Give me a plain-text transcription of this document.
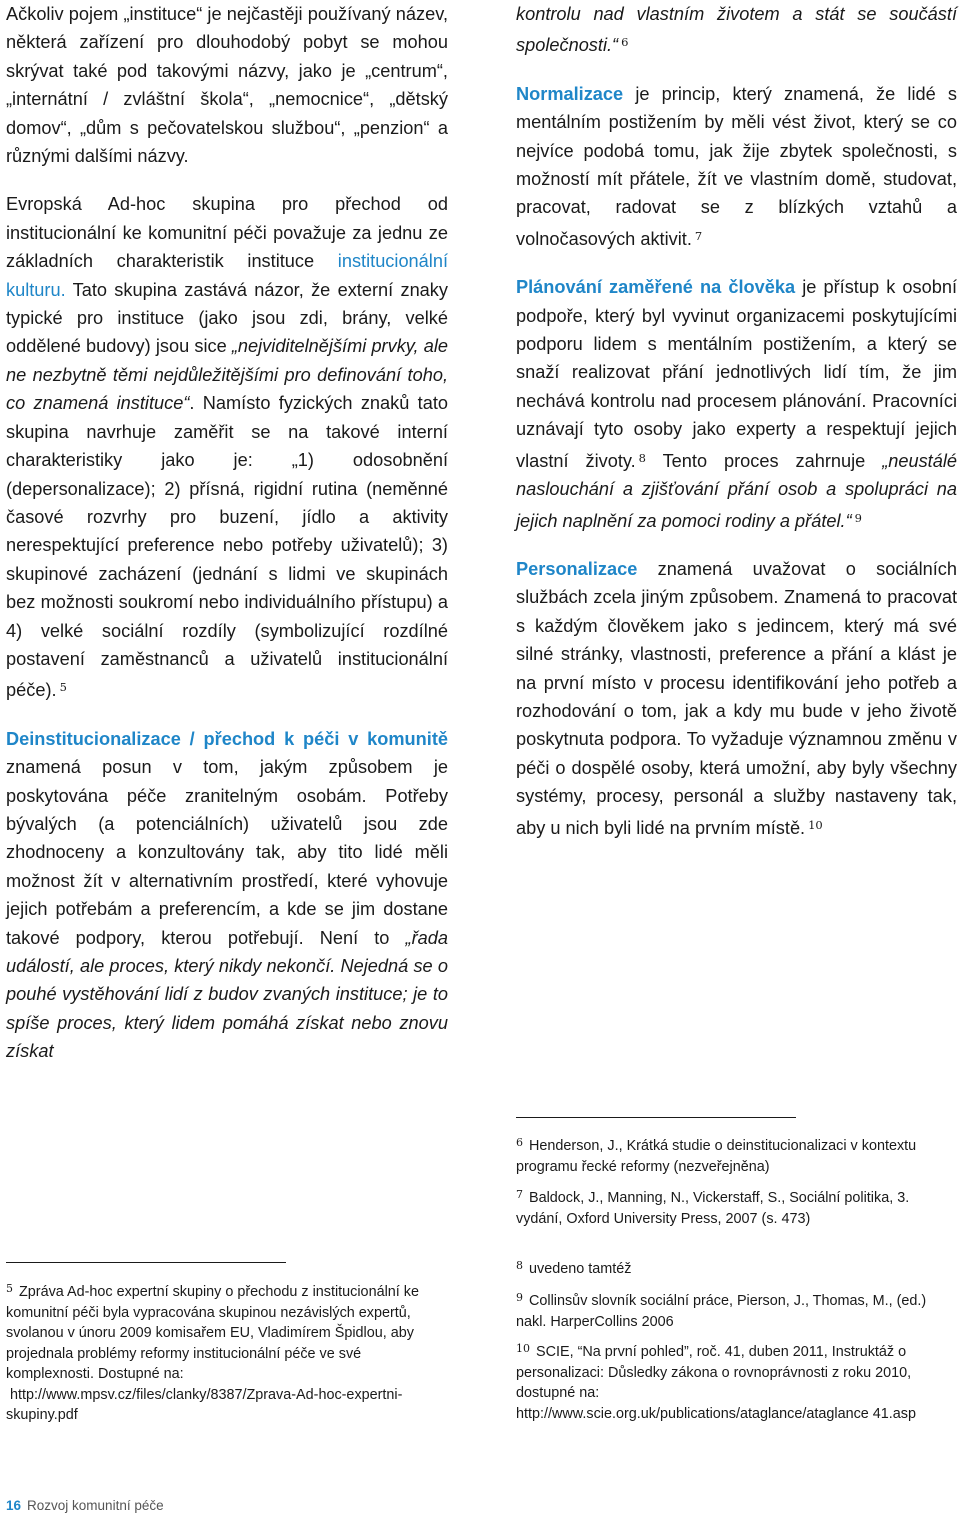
Ačkoliv pojem „instituce“ je nejčastěji používaný název, některá zařízení pro dlouhodobý pobyt se mohou skrývat také pod takovými názvy, jako je „centrum“, „internátní / zvláštní škola“, „nemocnice“, „dětský domov“, „dům s pečovatelskou službou“, „penzion“ a různými dalšími názvy.

Evropská Ad-hoc skupina pro přechod od institucionální ke komunitní péči považuje za jednu ze základních charakteristik instituce institucionální kulturu. Tato skupina zastává názor, že externí znaky typické pro instituce (jako jsou zdi, brány, velké oddělené budovy) jsou sice „nejviditelnějšími prvky, ale ne nezbytně těmi nejdůležitějšími pro definování toho, co znamená instituce“. Namísto fyzických znaků tato skupina navrhuje zaměřit se na takové interní charakteristiky jako je: „1) odosobnění (depersonalizace); 2) přísná, rigidní rutina (neměnné časové rozvrhy pro buzení, jídlo a aktivity nerespektující preference nebo potřeby uživatelů); 3) skupinové zacházení (jednání s lidmi ve skupinách bez možnosti soukromí nebo individuálního přístupu) a 4) velké sociální rozdíly (symbolizující rozdílné postavení zaměstnanců a uživatelů institucionální péče). $^5$

Deinstitucionalizace / přechod k péči v komunitě znamená posun v tom, jakým způsobem je poskytována péče zranitelným osobám. Potřeby bývalých (a potenciálních) uživatelů jsou zde zhodnoceny a konzultovány tak, aby tito lidé měli možnost žít v alternativním prostředí, které vyhovuje jejich potřebám a preferencím, a kde se jim dostane takové podpory, kterou potřebují. Není to „řada událostí, ale proces, který nikdy nekončí. Nejedná se o pouhé vystěhování lidí z budov zvaných instituce; je to spíše proces, který lidem pomáhá získat nebo znovu získat

$^5$ Zpráva Ad-hoc expertní skupiny o přechodu z institucionální ke komunitní péči byla vypracována skupinou nezávislých expertů, svolanou v únoru 2009 komisařem EU, Vladimírem Špidlou, aby projednala problémy reformy institucionální péče ve své komplexnosti. Dostupné na:
http://www.mpsv.cz/files/clanky/8387/Zprava-Ad-hoc-expertni-skupiny.pdf

kontrolu nad vlastním životem a stát se součástí společnosti.“ $^6$

Normalizace je princip, který znamená, že lidé s mentálním postižením by měli vést život, který se co nejvíce podobá tomu, jak žije zbytek společnosti, s možností mít přátele, žít ve vlastním domě, studovat, pracovat, radovat se z blízkých vztahů a volnočasových aktivit. $^7$

Plánování zaměřené na člověka je přístup k osobní podpoře, který byl vyvinut organizacemi poskytujícími podporu lidem s mentálním postižením, a který se snaží realizovat přání jednotlivých lidí tím, že jim nechává kontrolu nad procesem plánování. Pracovníci uznávají tyto osoby jako experty a respektují jejich vlastní životy. $^8$ Tento proces zahrnuje „neustálé naslouchání a zjišťování přání osob a spolupráci na jejich naplnění za pomoci rodiny a přátel.“ $^9$

Personalizace znamená uvažovat o sociálních službách zcela jiným způsobem. Znamená to pracovat s každým člověkem jako s jedincem, který má své silné stránky, vlastnosti, preference a přání a klást je na první místo v procesu identifikování jeho potřeb a rozhodování o tom, jak a kdy mu bude v jeho životě poskytnuta podpora. To vyžaduje významnou změnu v péči o dospělé osoby, která umožní, aby byly všechny systémy, procesy, personál a služby nastaveny tak, aby u nich byli lidé na prvním místě. $^{10}$

$^6$ Henderson, J., Krátká studie o deinstitucionalizaci v kontextu programu řecké reformy (nezveřejněna)
$^7$ Baldock, J., Manning, N., Vickerstaff, S., Sociální politika, 3. vydání, Oxford University Press, 2007 (s. 473)
$^8$ uvedeno tamtéž
$^9$ Collinsův slovník sociální práce, Pierson, J., Thomas, M., (ed.) nakl. HarperCollins 2006
$^{10}$ SCIE, “Na první pohled”, roč. 41, duben 2011, Instruktáž o personalizaci: Důsledky zákona o rovnoprávnosti z roku 2010, dostupné na: http://www.scie.org.uk/publications/ataglance/ataglance 41.asp
16 Rozvoj komunitní péče
